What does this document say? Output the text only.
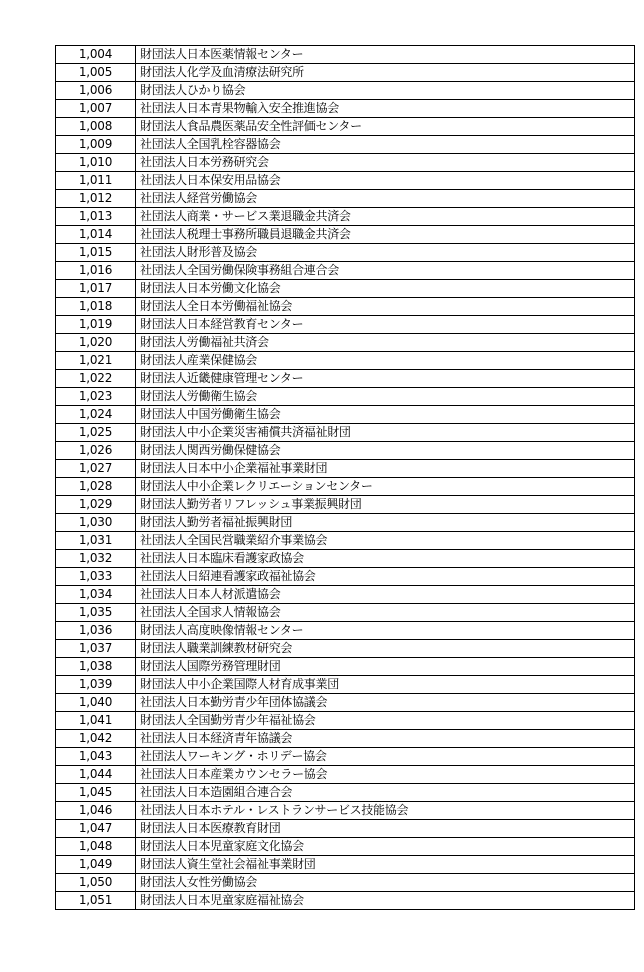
1,004	財団法人日本医薬情報センター
1,005	財団法人化学及血清療法研究所
1,006	財団法人ひかり協会
1,007	社団法人日本青果物輸入安全推進協会
1,008	財団法人食品農医薬品安全性評価センター
1,009	社団法人全国乳栓容器協会
1,010	社団法人日本労務研究会
1,011	社団法人日本保安用品協会
1,012	社団法人経営労働協会
1,013	社団法人商業・サービス業退職金共済会
1,014	社団法人税理士事務所職員退職金共済会
1,015	社団法人財形普及協会
1,016	社団法人全国労働保険事務組合連合会
1,017	財団法人日本労働文化協会
1,018	財団法人全日本労働福祉協会
1,019	財団法人日本経営教育センター
1,020	財団法人労働福祉共済会
1,021	財団法人産業保健協会
1,022	財団法人近畿健康管理センター
1,023	財団法人労働衛生協会
1,024	財団法人中国労働衛生協会
1,025	財団法人中小企業災害補償共済福祉財団
1,026	財団法人関西労働保健協会
1,027	財団法人日本中小企業福祉事業財団
1,028	財団法人中小企業レクリエーションセンター
1,029	財団法人勤労者リフレッシュ事業振興財団
1,030	財団法人勤労者福祉振興財団
1,031	社団法人全国民営職業紹介事業協会
1,032	社団法人日本臨床看護家政協会
1,033	社団法人日紹連看護家政福祉協会
1,034	社団法人日本人材派遣協会
1,035	社団法人全国求人情報協会
1,036	財団法人高度映像情報センター
1,037	財団法人職業訓練教材研究会
1,038	財団法人国際労務管理財団
1,039	財団法人中小企業国際人材育成事業団
1,040	社団法人日本勤労青少年団体協議会
1,041	財団法人全国勤労青少年福祉協会
1,042	社団法人日本経済青年協議会
1,043	社団法人ワーキング・ホリデー協会
1,044	社団法人日本産業カウンセラー協会
1,045	社団法人日本造園組合連合会
1,046	社団法人日本ホテル・レストランサービス技能協会
1,047	財団法人日本医療教育財団
1,048	財団法人日本児童家庭文化協会
1,049	財団法人資生堂社会福祉事業財団
1,050	財団法人女性労働協会
1,051	財団法人日本児童家庭福祉協会
